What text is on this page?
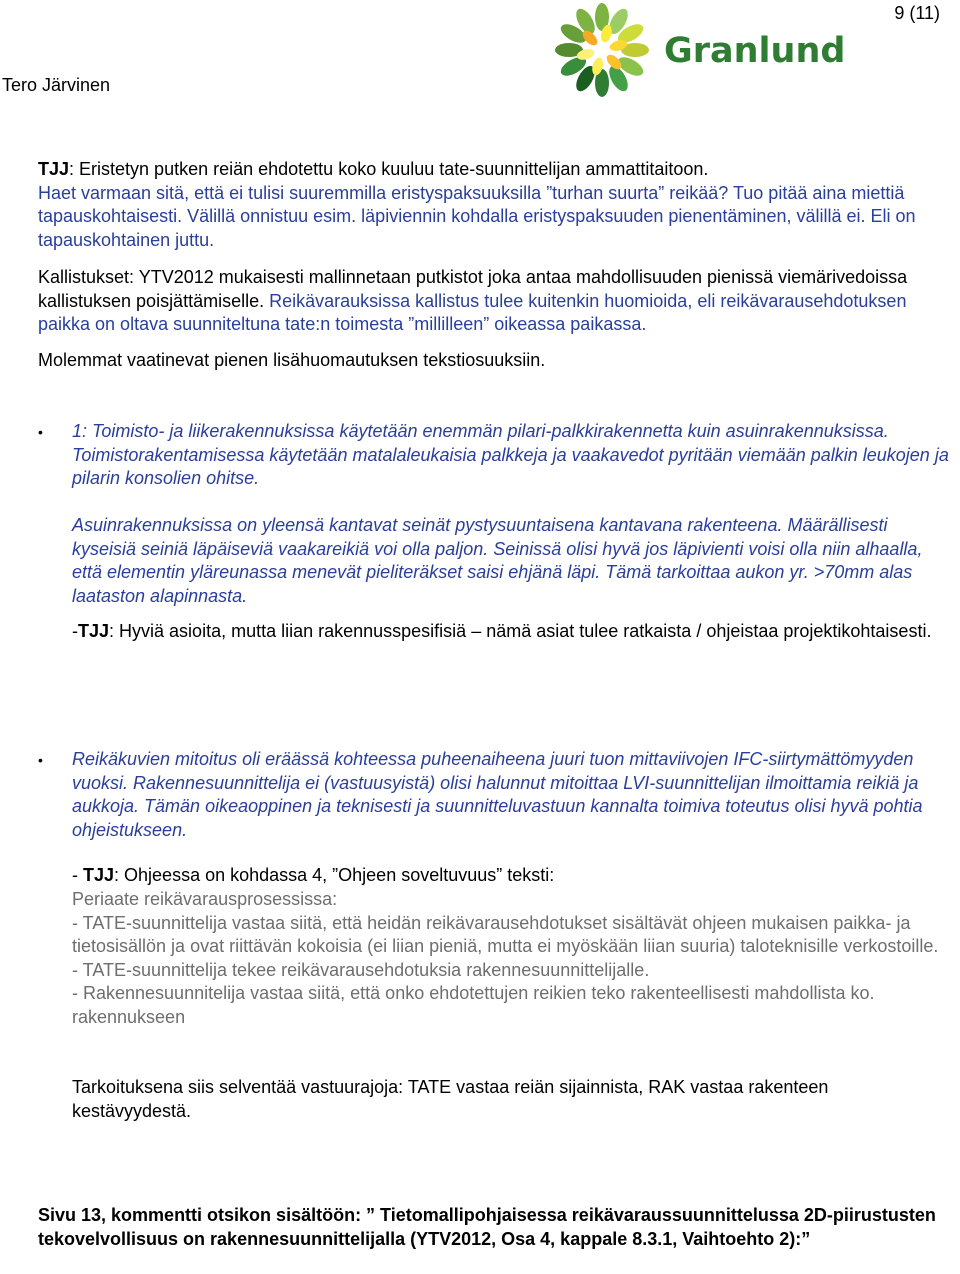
9 (11)
Tero Järvinen
Granlund

TJJ: Eristetyn putken reiän ehdotettu koko kuuluu tate-suunnittelijan ammattitaitoon.

Haet varmaan sitä, että ei tulisi suuremmilla eristyspaksuuksilla ”turhan suurta” reikää? Tuo pitää aina miettiä tapauskohtaisesti. Välillä onnistuu esim. läpiviennin kohdalla eristyspaksuuden pienentäminen, välillä ei. Eli on tapauskohtainen juttu.

Kallistukset: YTV2012 mukaisesti mallinnetaan putkistot joka antaa mahdollisuuden pienissä viemärivedoissa kallistuksen poisjättämiselle. Reikävarauksissa kallistus tulee kuitenkin huomioida, eli reikävarausehdotuksen paikka on oltava suunniteltuna tate:n toimesta ”millilleen” oikeassa paikassa.

Molemmat vaatinevat pienen lisähuomautuksen tekstiosuuksiin.
• 1: Toimisto- ja liikerakennuksissa käytetään enemmän pilari-palkkirakennetta kuin asuinrakennuksissa. Toimistorakentamisessa käytetään matalaleukaisia palkkeja ja vaakavedot pyritään viemään palkin leukojen ja pilarin konsolien ohitse.
Asuinrakennuksissa on yleensä kantavat seinät pystysuuntaisena kantavana rakenteena. Määrällisesti kyseisiä seiniä läpäiseviä vaakareikiä voi olla paljon. Seinissä olisi hyvä jos läpivienti voisi olla niin alhaalla, että elementin yläreunassa menevät pieliteräkset saisi ehjänä läpi. Tämä tarkoittaa aukon yr. >70mm alas laataston alapinnasta.
-TJJ: Hyviä asioita, mutta liian rakennusspesifisiä – nämä asiat tulee ratkaista / ohjeistaa projektikohtaisesti.
• Reikäkuvien mitoitus oli eräässä kohteessa puheenaiheena juuri tuon mittaviivojen IFC-siirtymättömyyden vuoksi. Rakennesuunnittelija ei (vastuusyistä) olisi halunnut mitoittaa LVI-suunnittelijan ilmoittamia reikiä ja aukkoja. Tämän oikeaoppinen ja teknisesti ja suunnitteluvastuun kannalta toimiva toteutus olisi hyvä pohtia ohjeistukseen.
- TJJ: Ohjeessa on kohdassa 4, ”Ohjeen soveltuvuus” teksti:
Periaate reikävarausprosessissa:
- TATE-suunnittelija vastaa siitä, että heidän reikävarausehdotukset sisältävät ohjeen mukaisen paikka- ja tietosisällön ja ovat riittävän kokoisia (ei liian pieniä, mutta ei myöskään liian suuria) taloteknisille verkostoille.
- TATE-suunnittelija tekee reikävarausehdotuksia rakennesuunnittelijalle.
- Rakennesuunnitelija vastaa siitä, että onko ehdotettujen reikien teko rakenteellisesti mahdollista ko. rakennukseen
Tarkoituksena siis selventää vastuurajoja: TATE vastaa reiän sijainnista, RAK vastaa rakenteen kestävyydestä.
Sivu 13, kommentti otsikon sisältöön: ” Tietomallipohjaisessa reikävaraussuunnittelussa 2D-piirustusten tekovelvollisuus on rakennesuunnittelijalla (YTV2012, Osa 4, kappale 8.3.1, Vaihtoehto 2):”
